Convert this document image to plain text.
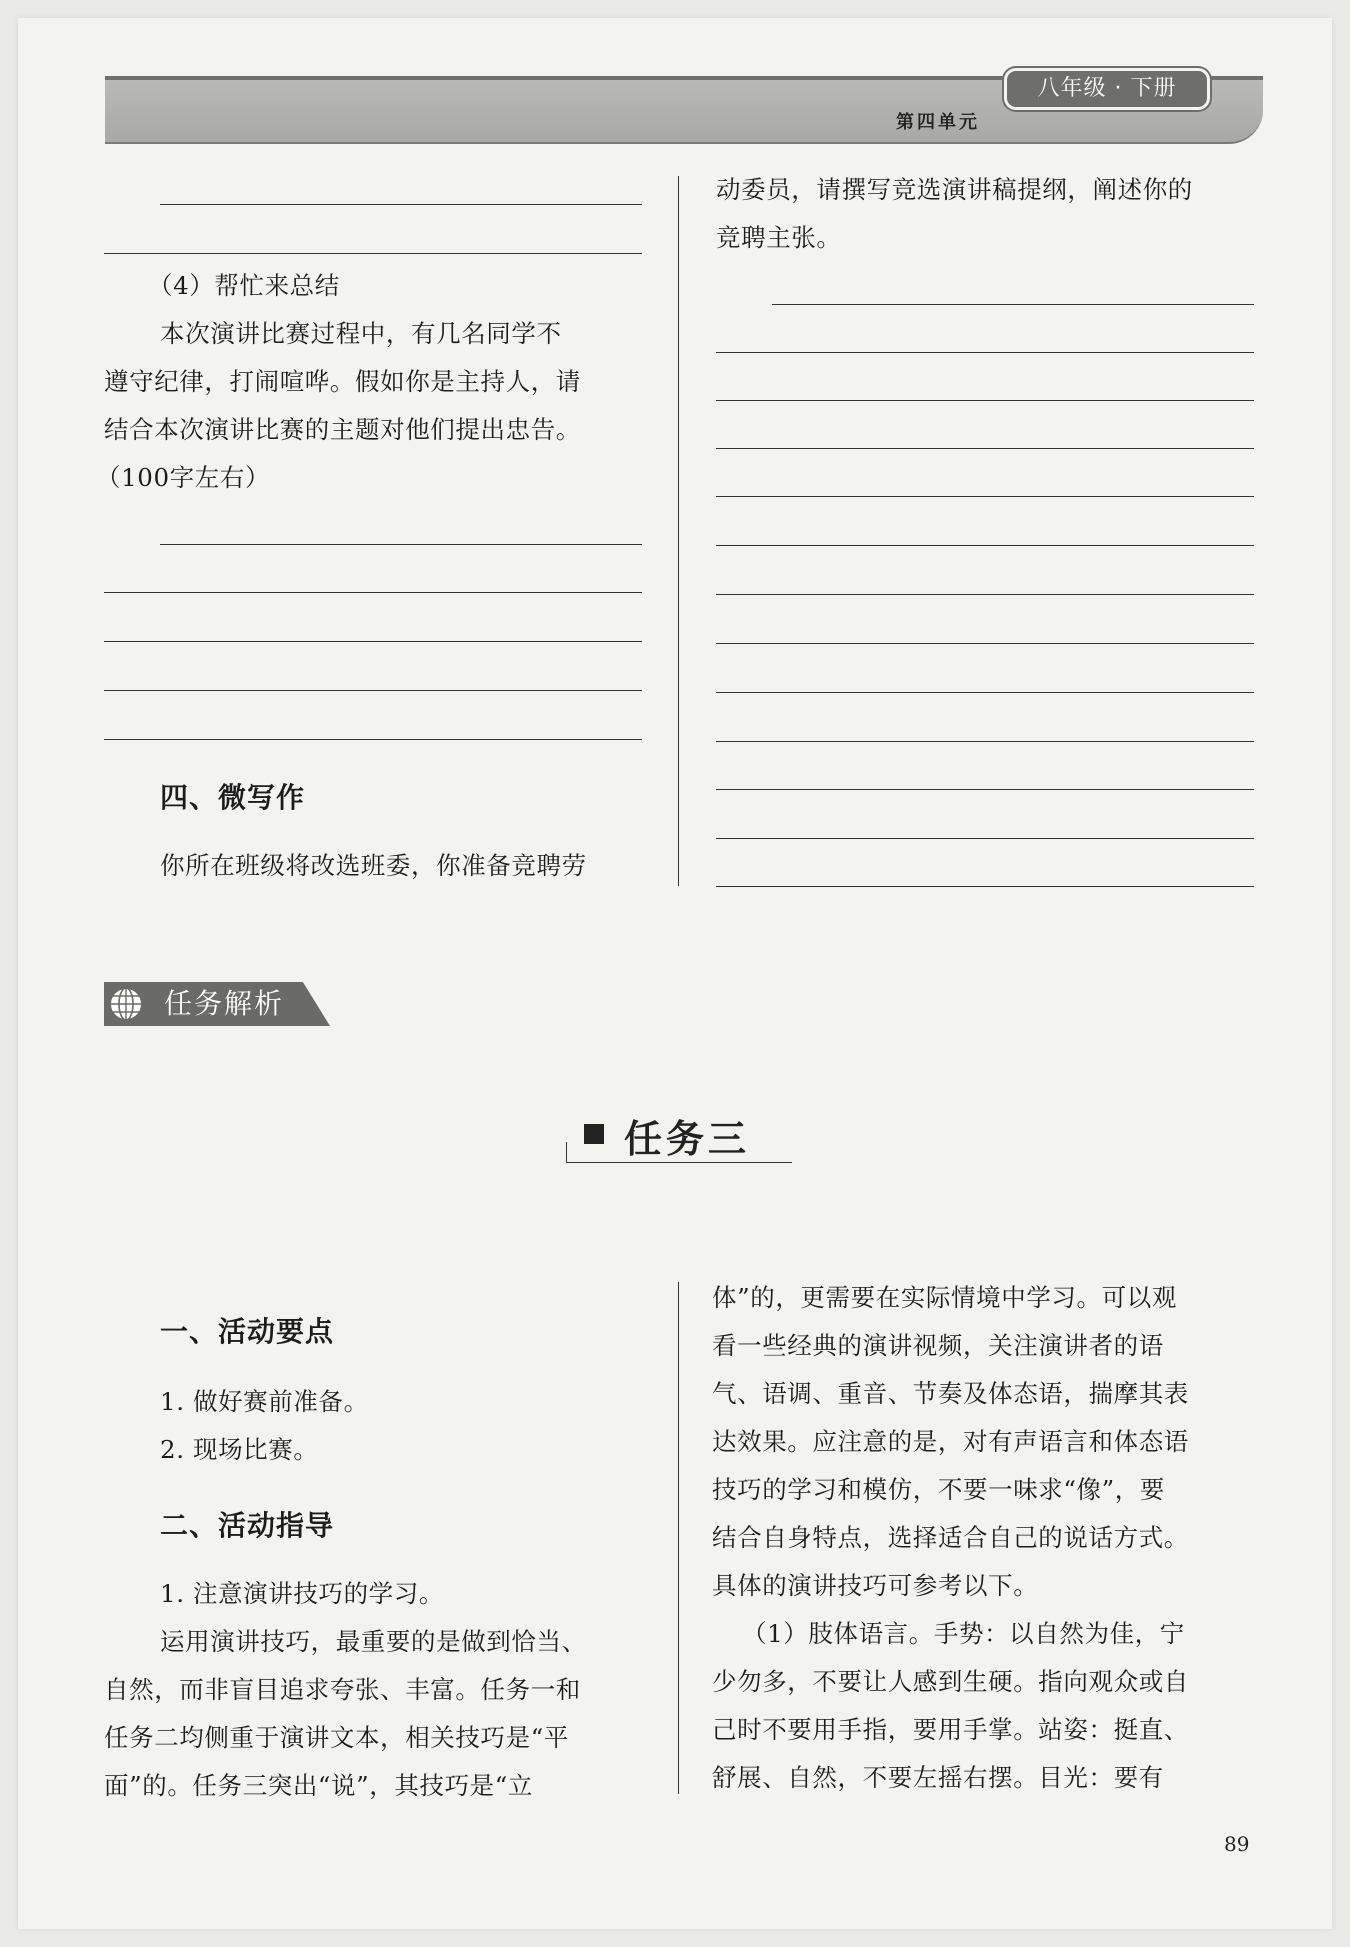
八年级 · 下册
第四单元
（4）帮忙来总结
本次演讲比赛过程中，有几名同学不
遵守纪律，打闹喧哗。假如你是主持人，请
结合本次演讲比赛的主题对他们提出忠告。
（100字左右）
四、微写作
你所在班级将改选班委，你准备竞聘劳
动委员，请撰写竞选演讲稿提纲，阐述你的
竞聘主张。
任务解析
任务三
一、活动要点
1. 做好赛前准备。
2. 现场比赛。
二、活动指导
1. 注意演讲技巧的学习。
运用演讲技巧，最重要的是做到恰当、
自然，而非盲目追求夸张、丰富。任务一和
任务二均侧重于演讲文本，相关技巧是“平
面”的。任务三突出“说”，其技巧是“立
体”的，更需要在实际情境中学习。可以观
看一些经典的演讲视频，关注演讲者的语
气、语调、重音、节奏及体态语，揣摩其表
达效果。应注意的是，对有声语言和体态语
技巧的学习和模仿，不要一味求“像”，要
结合自身特点，选择适合自己的说话方式。
具体的演讲技巧可参考以下。
（1）肢体语言。手势：以自然为佳，宁
少勿多，不要让人感到生硬。指向观众或自
己时不要用手指，要用手掌。站姿：挺直、
舒展、自然，不要左摇右摆。目光：要有
89
